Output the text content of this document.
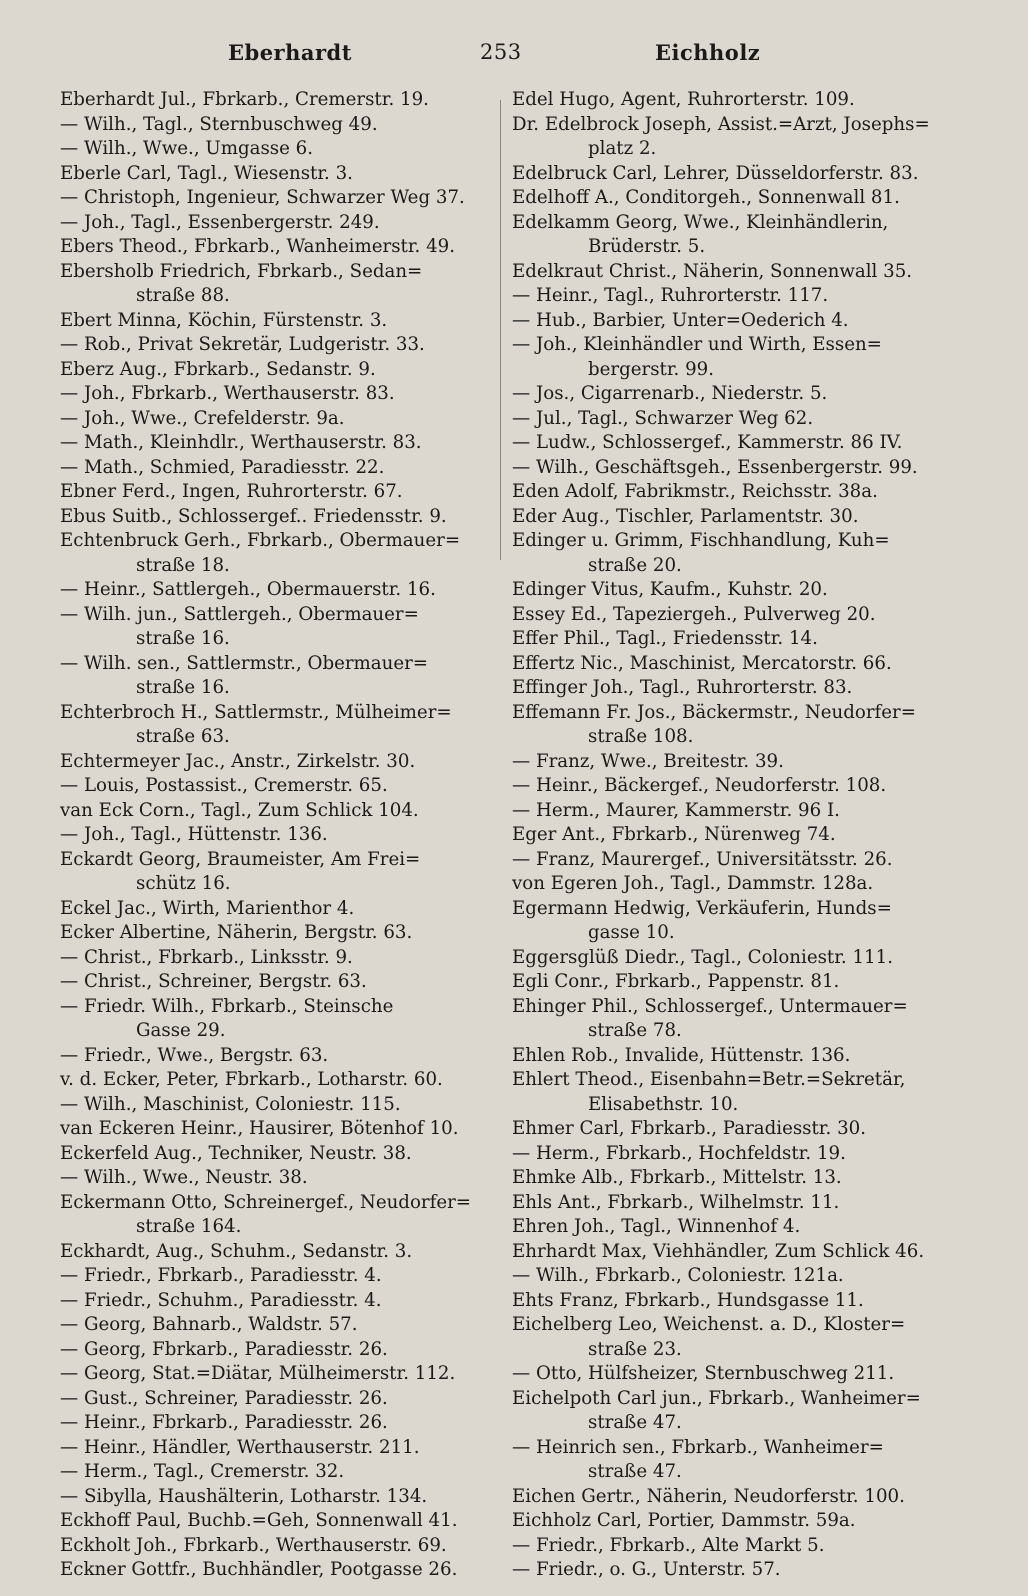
Eberhardt	253	Eichholz
Eberhardt Jul., Fbrkarb., Cremerstr. 19.
— Wilh., Tagl., Sternbuschweg 49.
— Wilh., Wwe., Umgasse 6.
Eberle Carl, Tagl., Wiesenstr. 3.
— Christoph, Ingenieur, Schwarzer Weg 37.
— Joh., Tagl., Essenbergerstr. 249.
Ebers Theod., Fbrkarb., Wanheimerstr. 49.
Ebersholb Friedrich, Fbrkarb., Sedan=
straße 88.
Ebert Minna, Köchin, Fürstenstr. 3.
— Rob., Privat Sekretär, Ludgeristr. 33.
Eberz Aug., Fbrkarb., Sedanstr. 9.
— Joh., Fbrkarb., Werthauserstr. 83.
— Joh., Wwe., Crefelderstr. 9a.
— Math., Kleinhdlr., Werthauserstr. 83.
— Math., Schmied, Paradiesstr. 22.
Ebner Ferd., Ingen, Ruhrorterstr. 67.
Ebus Suitb., Schlossergef.. Friedensstr. 9.
Echtenbruck Gerh., Fbrkarb., Obermauer=
straße 18.
— Heinr., Sattlergeh., Obermauerstr. 16.
— Wilh. jun., Sattlergeh., Obermauer=
straße 16.
— Wilh. sen., Sattlermstr., Obermauer=
straße 16.
Echterbroch H., Sattlermstr., Mülheimer=
straße 63.
Echtermeyer Jac., Anstr., Zirkelstr. 30.
— Louis, Postassist., Cremerstr. 65.
van Eck Corn., Tagl., Zum Schlick 104.
— Joh., Tagl., Hüttenstr. 136.
Eckardt Georg, Braumeister, Am Frei=
schütz 16.
Eckel Jac., Wirth, Marienthor 4.
Ecker Albertine, Näherin, Bergstr. 63.
— Christ., Fbrkarb., Linksstr. 9.
— Christ., Schreiner, Bergstr. 63.
— Friedr. Wilh., Fbrkarb., Steinsche
Gasse 29.
— Friedr., Wwe., Bergstr. 63.
v. d. Ecker, Peter, Fbrkarb., Lotharstr. 60.
— Wilh., Maschinist, Coloniestr. 115.
van Eckeren Heinr., Hausirer, Bötenhof 10.
Eckerfeld Aug., Techniker, Neustr. 38.
— Wilh., Wwe., Neustr. 38.
Eckermann Otto, Schreinergef., Neudorfer=
straße 164.
Eckhardt, Aug., Schuhm., Sedanstr. 3.
— Friedr., Fbrkarb., Paradiesstr. 4.
— Friedr., Schuhm., Paradiesstr. 4.
— Georg, Bahnarb., Waldstr. 57.
— Georg, Fbrkarb., Paradiesstr. 26.
— Georg, Stat.=Diätar, Mülheimerstr. 112.
— Gust., Schreiner, Paradiesstr. 26.
— Heinr., Fbrkarb., Paradiesstr. 26.
— Heinr., Händler, Werthauserstr. 211.
— Herm., Tagl., Cremerstr. 32.
— Sibylla, Haushälterin, Lotharstr. 134.
Eckhoff Paul, Buchb.=Geh, Sonnenwall 41.
Eckholt Joh., Fbrkarb., Werthauserstr. 69.
Eckner Gottfr., Buchhändler, Pootgasse 26.
Edel Hugo, Agent, Ruhrorterstr. 109.
Dr. Edelbrock Joseph, Assist.=Arzt, Josephs=
platz 2.
Edelbruck Carl, Lehrer, Düsseldorferstr. 83.
Edelhoff A., Conditorgeh., Sonnenwall 81.
Edelkamm Georg, Wwe., Kleinhändlerin,
Brüderstr. 5.
Edelkraut Christ., Näherin, Sonnenwall 35.
— Heinr., Tagl., Ruhrorterstr. 117.
— Hub., Barbier, Unter=Oederich 4.
— Joh., Kleinhändler und Wirth, Essen=
bergerstr. 99.
— Jos., Cigarrenarb., Niederstr. 5.
— Jul., Tagl., Schwarzer Weg 62.
— Ludw., Schlossergef., Kammerstr. 86 IV.
— Wilh., Geschäftsgeh., Essenbergerstr. 99.
Eden Adolf, Fabrikmstr., Reichsstr. 38a.
Eder Aug., Tischler, Parlamentstr. 30.
Edinger u. Grimm, Fischhandlung, Kuh=
straße 20.
Edinger Vitus, Kaufm., Kuhstr. 20.
Essey Ed., Tapeziergeh., Pulverweg 20.
Effer Phil., Tagl., Friedensstr. 14.
Effertz Nic., Maschinist, Mercatorstr. 66.
Effinger Joh., Tagl., Ruhrorterstr. 83.
Effemann Fr. Jos., Bäckermstr., Neudorfer=
straße 108.
— Franz, Wwe., Breitestr. 39.
— Heinr., Bäckergef., Neudorferstr. 108.
— Herm., Maurer, Kammerstr. 96 I.
Eger Ant., Fbrkarb., Nürenweg 74.
— Franz, Maurergef., Universitätsstr. 26.
von Egeren Joh., Tagl., Dammstr. 128a.
Egermann Hedwig, Verkäuferin, Hunds=
gasse 10.
Eggersglüß Diedr., Tagl., Coloniestr. 111.
Egli Conr., Fbrkarb., Pappenstr. 81.
Ehinger Phil., Schlossergef., Untermauer=
straße 78.
Ehlen Rob., Invalide, Hüttenstr. 136.
Ehlert Theod., Eisenbahn=Betr.=Sekretär,
Elisabethstr. 10.
Ehmer Carl, Fbrkarb., Paradiesstr. 30.
— Herm., Fbrkarb., Hochfeldstr. 19.
Ehmke Alb., Fbrkarb., Mittelstr. 13.
Ehls Ant., Fbrkarb., Wilhelmstr. 11.
Ehren Joh., Tagl., Winnenhof 4.
Ehrhardt Max, Viehhändler, Zum Schlick 46.
— Wilh., Fbrkarb., Coloniestr. 121a.
Ehts Franz, Fbrkarb., Hundsgasse 11.
Eichelberg Leo, Weichenst. a. D., Kloster=
straße 23.
— Otto, Hülfsheizer, Sternbuschweg 211.
Eichelpoth Carl jun., Fbrkarb., Wanheimer=
straße 47.
— Heinrich sen., Fbrkarb., Wanheimer=
straße 47.
Eichen Gertr., Näherin, Neudorferstr. 100.
Eichholz Carl, Portier, Dammstr. 59a.
— Friedr., Fbrkarb., Alte Markt 5.
— Friedr., o. G., Unterstr. 57.
